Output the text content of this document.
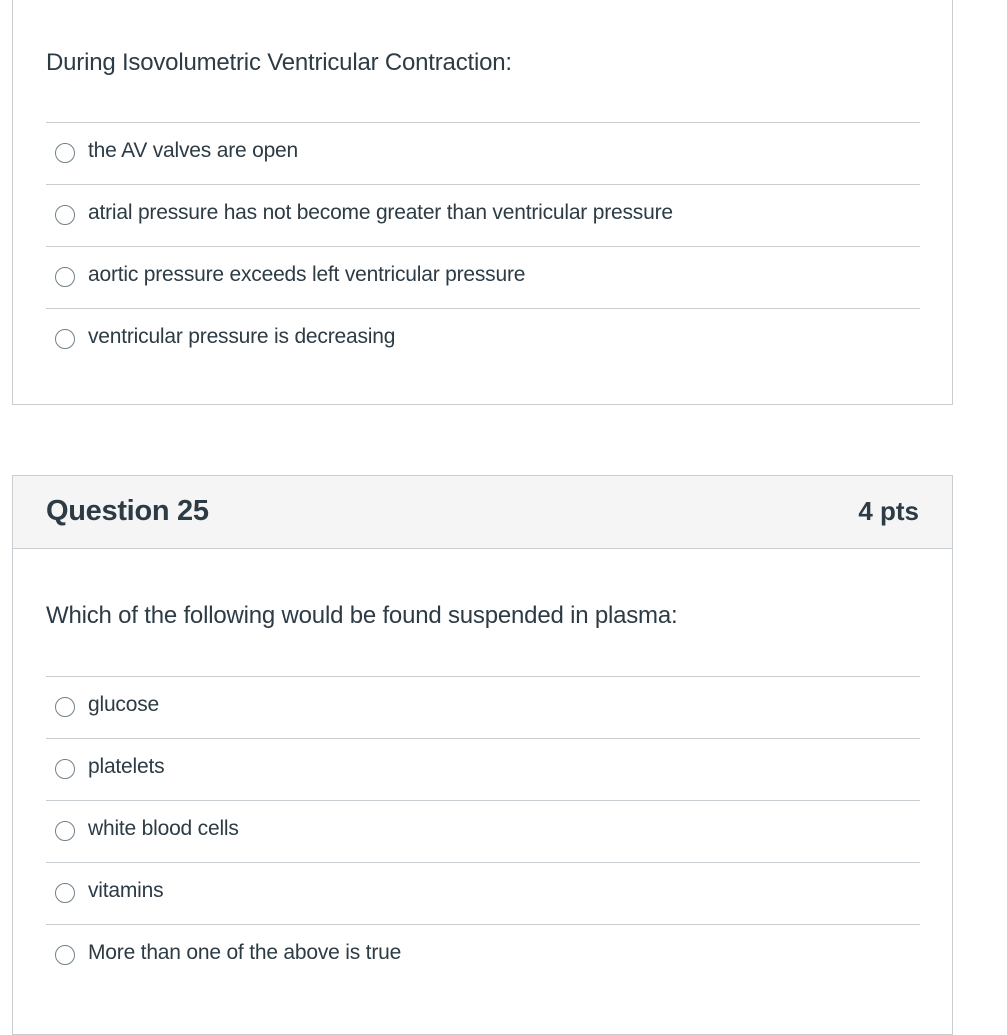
During Isovolumetric Ventricular Contraction:
the AV valves are open
atrial pressure has not become greater than ventricular pressure
aortic pressure exceeds left ventricular pressure
ventricular pressure is decreasing
Question 25	4 pts
Which of the following would be found suspended in plasma:
glucose
platelets
white blood cells
vitamins
More than one of the above is true
